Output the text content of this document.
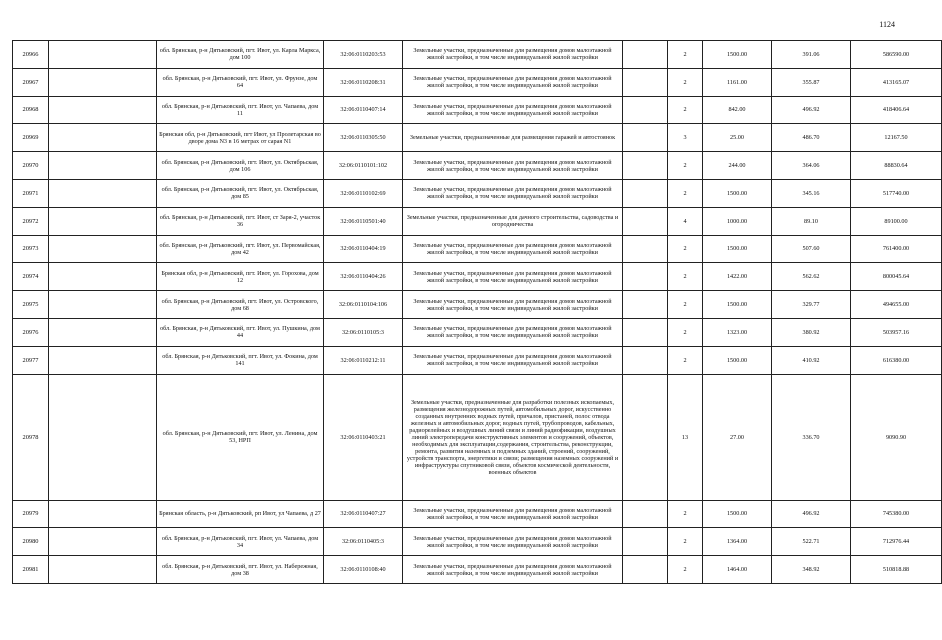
1124
20966		обл. Брянская, р-н Дятьковский, пгт. Ивот, ул. Карла Маркса, дом 100	32:06:0110203:53	Земельные участки, предназначенные для размещения домов малоэтажной жилой застройки, в том числе индивидуальной жилой застройки		2	1500.00	391.06	586590.00
20967		обл. Брянская, р-н Дятьковский, пгт. Ивот, ул. Фрунзе, дом 64	32:06:0110208:31	Земельные участки, предназначенные для размещения домов малоэтажной жилой застройки, в том числе индивидуальной жилой застройки		2	1161.00	355.87	413165.07
20968		обл. Брянская, р-н Дятьковский, пгт. Ивот, ул. Чапаева, дом 11	32:06:0110407:14	Земельные участки, предназначенные для размещения домов малоэтажной жилой застройки, в том числе индивидуальной жилой застройки		2	842.00	496.92	418406.64
20969		Брянская обл, р-н Дятьковский, пгт Ивот, ул Пролетарская во дворе дома N3 в 16 метрах от сарая N1	32:06:0110305:50	Земельные участки, предназначенные для размещения гаражей и автостоянок		3	25.00	486.70	12167.50
20970		обл. Брянская, р-н Дятьковский, пгт. Ивот, ул. Октябрьская, дом 106	32:06:0110101:102	Земельные участки, предназначенные для размещения домов малоэтажной жилой застройки, в том числе индивидуальной жилой застройки		2	244.00	364.06	88830.64
20971		обл. Брянская, р-н Дятьковский, пгт. Ивот, ул. Октябрьская, дом 85	32:06:0110102:69	Земельные участки, предназначенные для размещения домов малоэтажной жилой застройки, в том числе индивидуальной жилой застройки		2	1500.00	345.16	517740.00
20972		обл. Брянская, р-н Дятьковский, пгт. Ивот, ст Заря-2, участок 36	32:06:0110501:40	Земельные участки, предназначенные для дачного строительства, садоводства и огородничества		4	1000.00	89.10	89100.00
20973		обл. Брянская, р-н Дятьковский, пгт. Ивот, ул. Первомайская, дом 42	32:06:0110404:19	Земельные участки, предназначенные для размещения домов малоэтажной жилой застройки, в том числе индивидуальной жилой застройки		2	1500.00	507.60	761400.00
20974		Брянская обл, р-н Дятьковский, пгт. Ивот, ул. Горохова, дом 12	32:06:0110404:26	Земельные участки, предназначенные для размещения домов малоэтажной жилой застройки, в том числе индивидуальной жилой застройки		2	1422.00	562.62	800045.64
20975		обл. Брянская, р-н Дятьковский, пгт. Ивот, ул. Островского, дом 68	32:06:0110104:106	Земельные участки, предназначенные для размещения домов малоэтажной жилой застройки, в том числе индивидуальной жилой застройки		2	1500.00	329.77	494655.00
20976		обл. Брянская, р-н Дятьковский, пгт. Ивот, ул. Пушкина, дом 44	32:06:0110105:3	Земельные участки, предназначенные для размещения домов малоэтажной жилой застройки, в том числе индивидуальной жилой застройки		2	1323.00	380.92	503957.16
20977		обл. Брянская, р-н Дятьковский, пгт. Ивот, ул. Фокина, дом 141	32:06:0110212:11	Земельные участки, предназначенные для размещения домов малоэтажной жилой застройки, в том числе индивидуальной жилой застройки		2	1500.00	410.92	616380.00
20978		обл. Брянская, р-н Дятьковский, пгт. Ивот, ул. Ленина, дом 53, НРП	32:06:0110403:21	Земельные участки, предназначенные для разработки полезных ископаемых, размещения железнодорожных путей, автомобильных дорог, искусственно созданных внутренних водных путей, причалов, пристаней, полос отвода железных и автомобильных дорог, водных путей, трубопроводов, кабельных, радиорелейных и воздушных линий связи и линий радиофикации, воздушных линий электропередачи конструктивных элементов и сооружений, объектов, необходимых для эксплуатации,содержания, строительства, реконструкции, ремонта, развития наземных и подземных зданий, строений, сооружений, устройств транспорта, энергетики и связи; размещения наземных сооружений и инфраструктуры спутниковой связи, объектов космической деятельности, военных объектов		13	27.00	336.70	9090.90
20979		Брянская область, р-н Дятьковский, рп Ивот, ул Чапаева, д 27	32:06:0110407:27	Земельные участки, предназначенные для размещения домов малоэтажной жилой застройки, в том числе индивидуальной жилой застройки		2	1500.00	496.92	745380.00
20980		обл. Брянская, р-н Дятьковский, пгт. Ивот, ул. Чапаева, дом 34	32:06:0110405:3	Земельные участки, предназначенные для размещения домов малоэтажной жилой застройки, в том числе индивидуальной жилой застройки		2	1364.00	522.71	712976.44
20981		обл. Брянская, р-н Дятьковский, пгт. Ивот, ул. Набережная, дом 38	32:06:0110108:40	Земельные участки, предназначенные для размещения домов малоэтажной жилой застройки, в том числе индивидуальной жилой застройки		2	1464.00	348.92	510818.88
